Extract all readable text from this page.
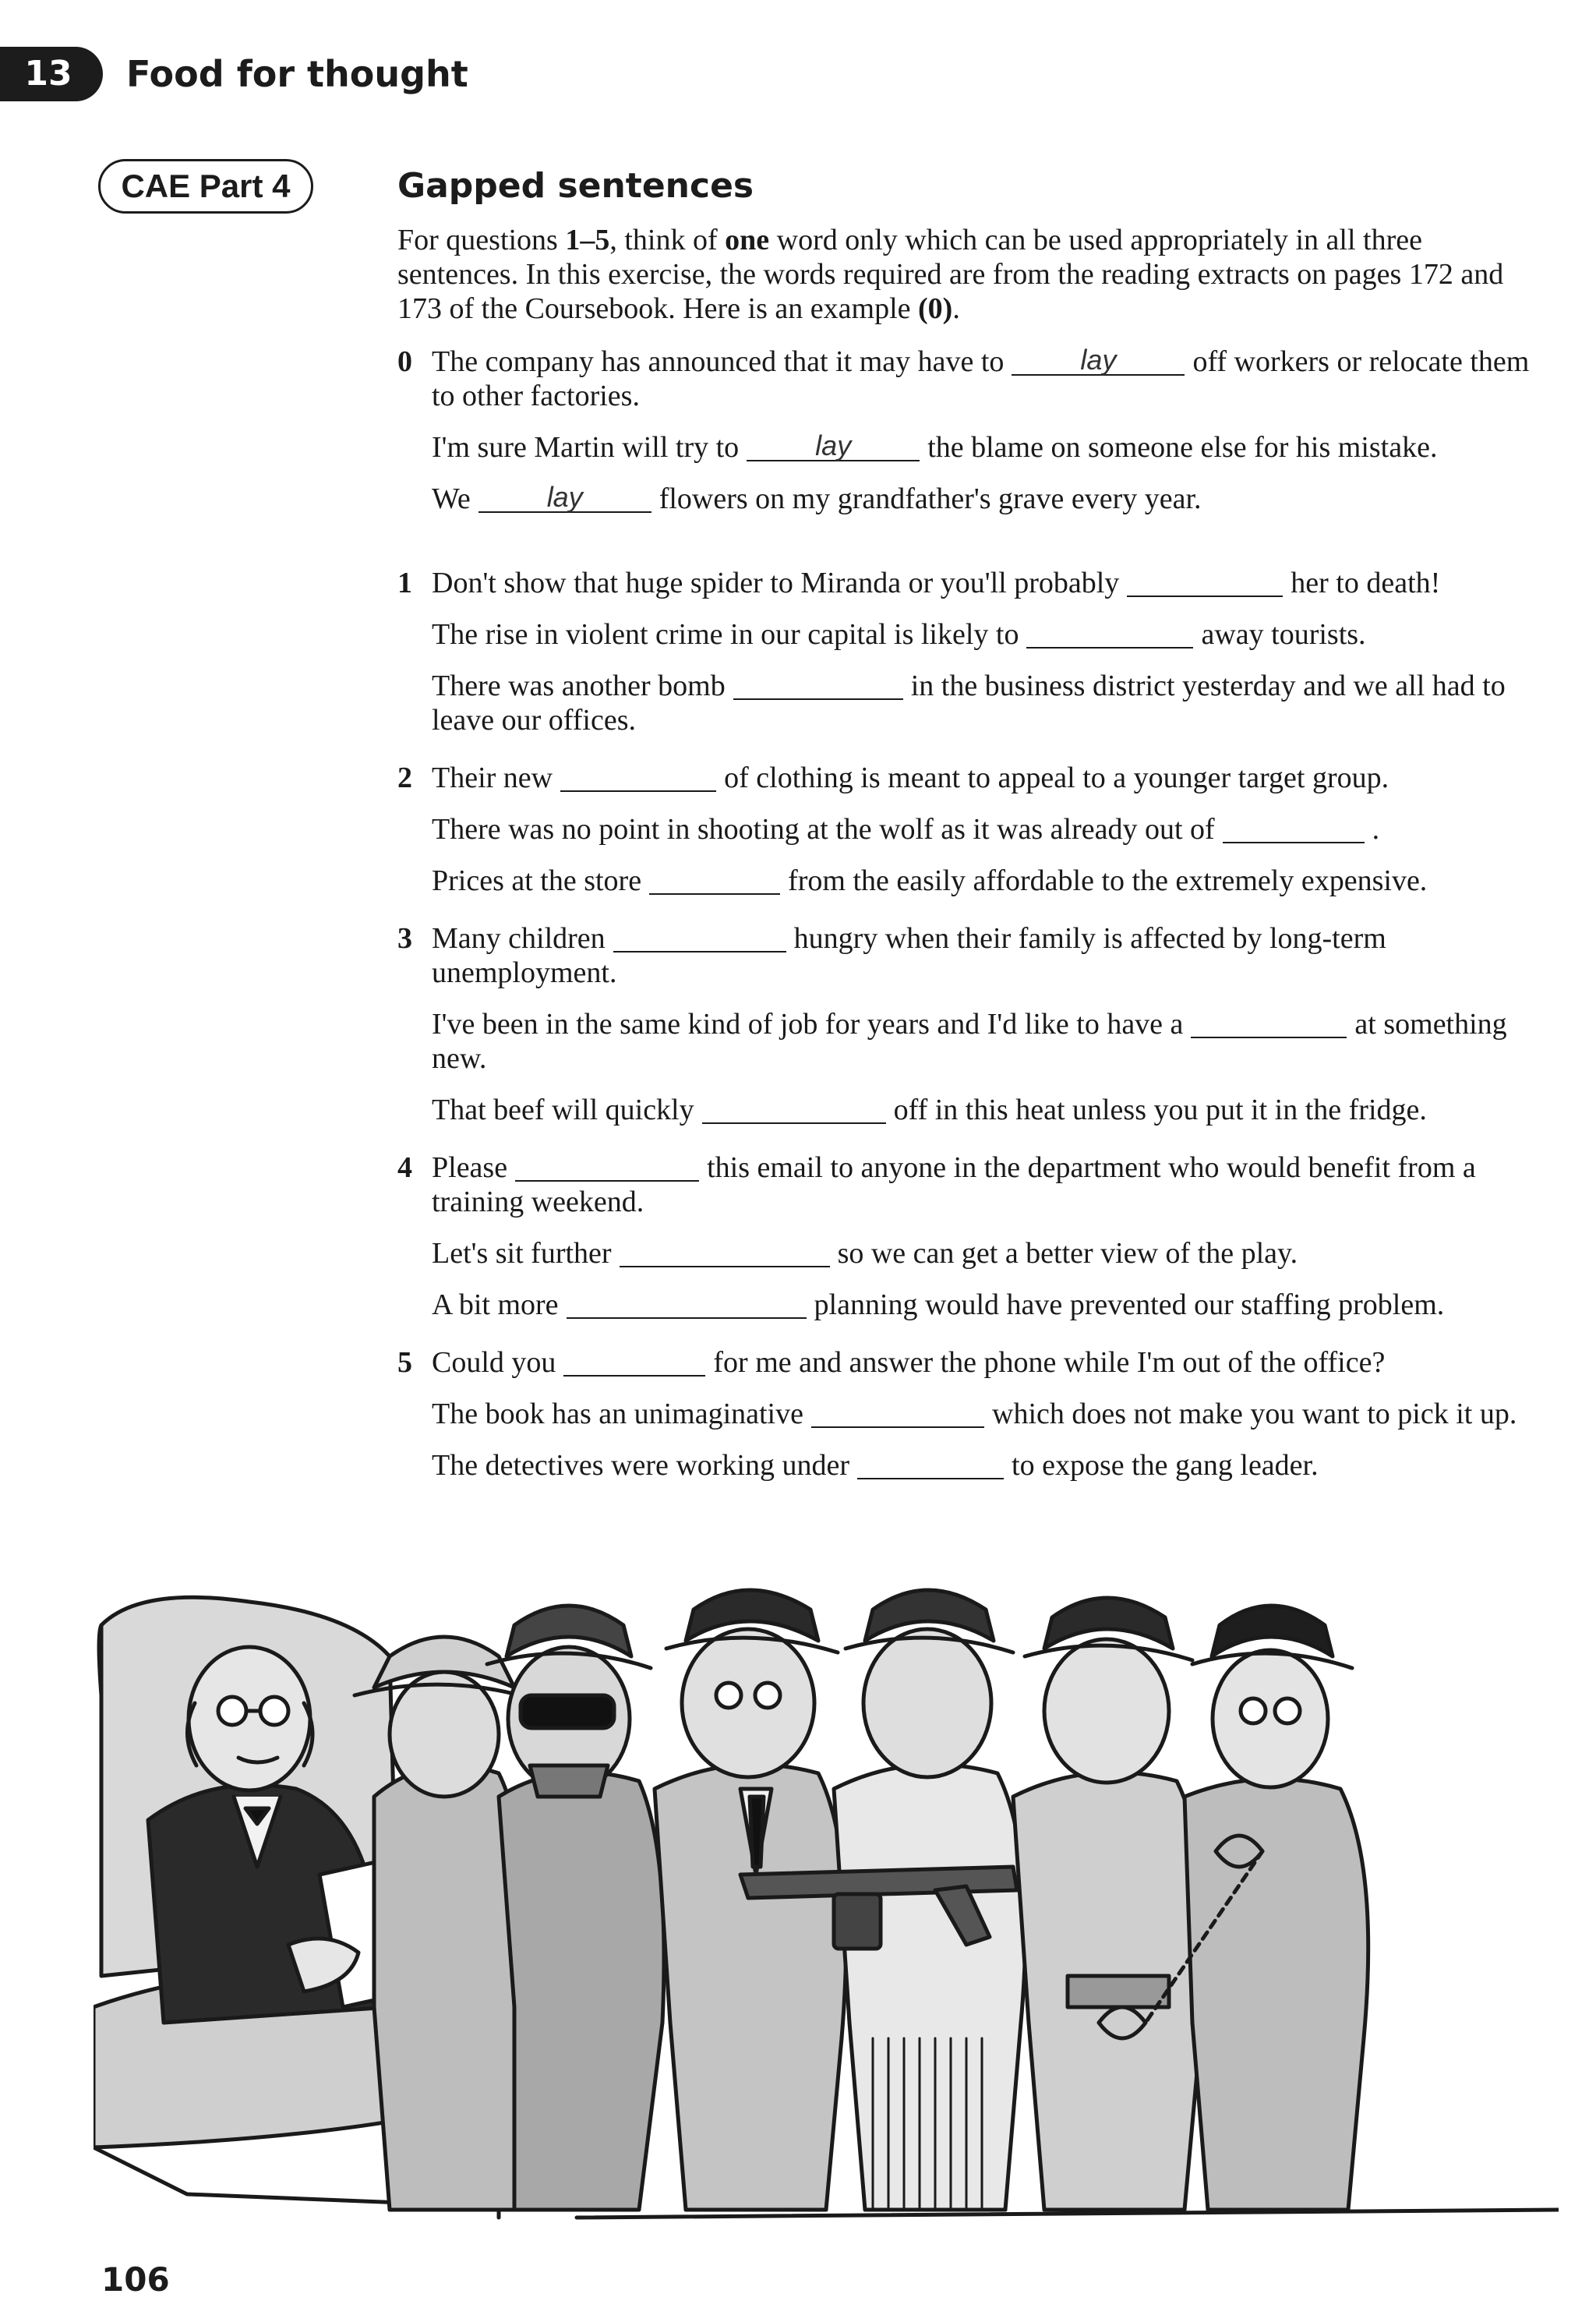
13	Food for thought
CAE Part 4	Gapped sentences

For questions 1–5, think of one word only which can be used appropriately in all three sentences. In this exercise, the words required are from the reading extracts on pages 172 and 173 of the Coursebook. Here is an example (0).

0 The company has announced that it may have to	lay	off workers or relocate them to other factories.

I'm sure Martin will try to	lay	the blame on someone else for his mistake.

We	lay	flowers on my grandfather's grave every year.

1 Don't show that huge spider to Miranda or you'll probably	her to death!

The rise in violent crime in our capital is likely to	away tourists.

There was another bomb	in the business district yesterday and we all had to leave our offices.

2 Their new	of clothing is meant to appeal to a younger target group.

There was no point in shooting at the wolf as it was already out of	.

Prices at the store	from the easily affordable to the extremely expensive.

3 Many children	hungry when their family is affected by long-term unemployment.

I've been in the same kind of job for years and I'd like to have a	at something new.

That beef will quickly	off in this heat unless you put it in the fridge.

4 Please	this email to anyone in the department who would benefit from a training weekend.

Let's sit further	so we can get a better view of the play.

A bit more	planning would have prevented our staffing problem.

5 Could you	for me and answer the phone while I'm out of the office?

The book has an unimaginative	which does not make you want to pick it up.

The detectives were working under	to expose the gang leader.

106
